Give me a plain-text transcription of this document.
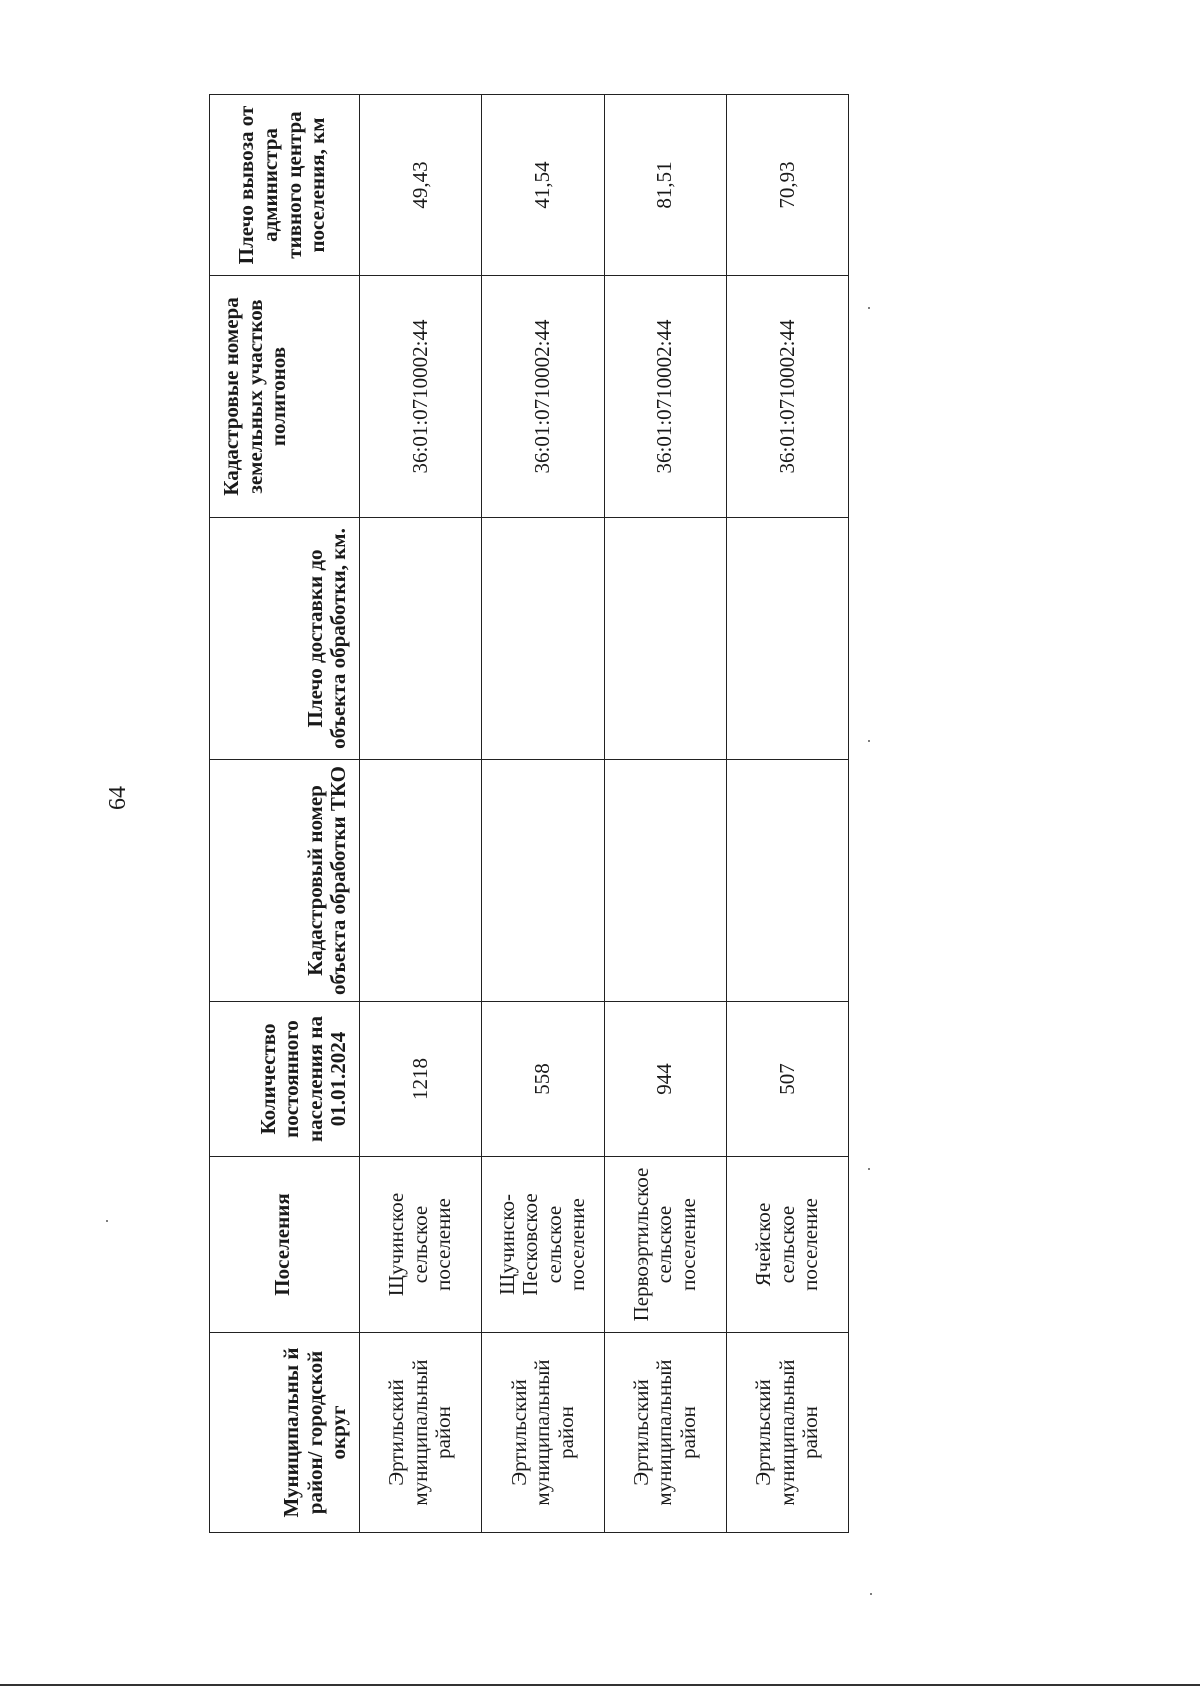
64
Муниципальны й район/ городской округ	Поселения	Количество постоянного населения на 01.01.2024	Кадастровый номер объекта обработки ТКО	Плечо доставки до объекта обработки, км.	Кадастровые номера земельных участков полигонов	Плечо вывоза от администра тивного центра поселения, км
Эртильский муниципальный район	Щучинское сельское поселение	1218			36:01:0710002:44	49,43
Эртильский муниципальный район	Щучинско-Песковское сельское поселение	558			36:01:0710002:44	41,54
Эртильский муниципальный район	Первоэртильское сельское поселение	944			36:01:0710002:44	81,51
Эртильский муниципальный район	Ячейское сельское поселение	507			36:01:0710002:44	70,93
